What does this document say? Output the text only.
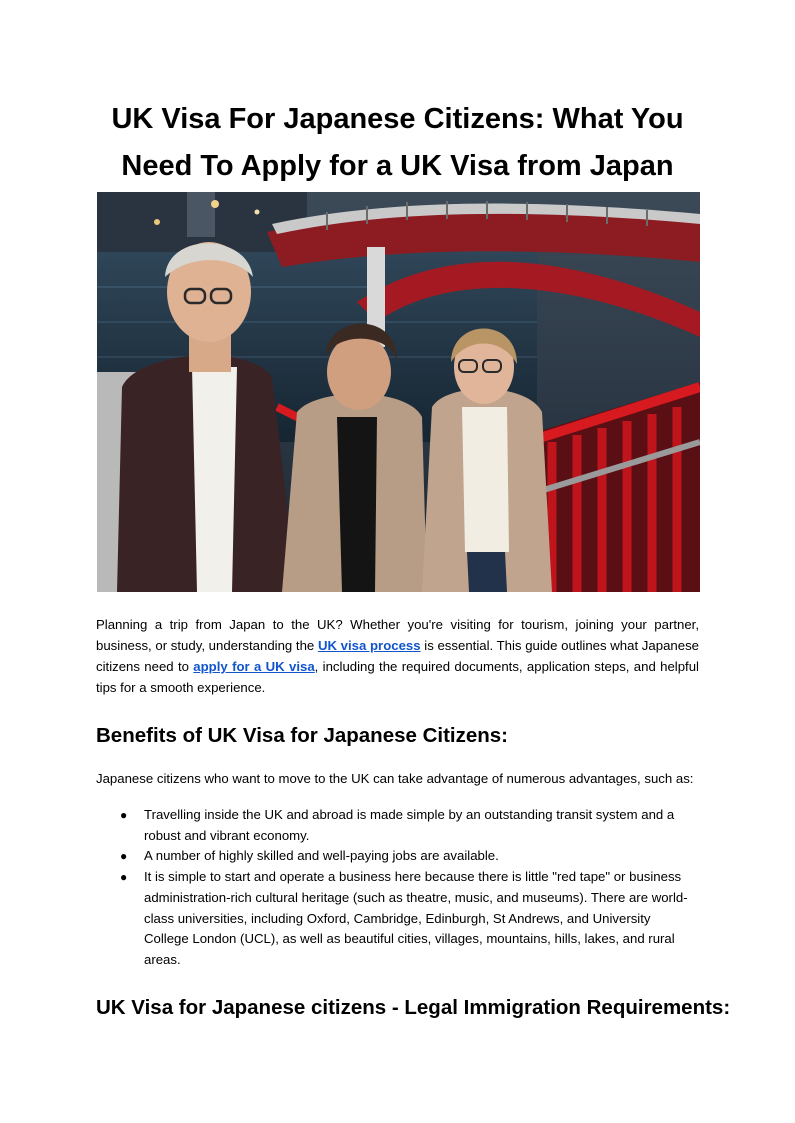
UK Visa For Japanese Citizens: What You
Need To Apply for a UK Visa from Japan

Planning a trip from Japan to the UK? Whether you're visiting for tourism, joining your partner, business, or study, understanding the UK visa process is essential. This guide outlines what Japanese citizens need to apply for a UK visa, including the required documents, application steps, and helpful tips for a smooth experience.

Benefits of UK Visa for Japanese Citizens:

Japanese citizens who want to move to the UK can take advantage of numerous advantages, such as:

● Travelling inside the UK and abroad is made simple by an outstanding transit system and a robust and vibrant economy.
● A number of highly skilled and well-paying jobs are available.
● It is simple to start and operate a business here because there is little "red tape" or business administration-rich cultural heritage (such as theatre, music, and museums). There are world-class universities, including Oxford, Cambridge, Edinburgh, St Andrews, and University College London (UCL), as well as beautiful cities, villages, mountains, hills, lakes, and rural areas.
UK Visa for Japanese citizens - Legal Immigration Requirements:
